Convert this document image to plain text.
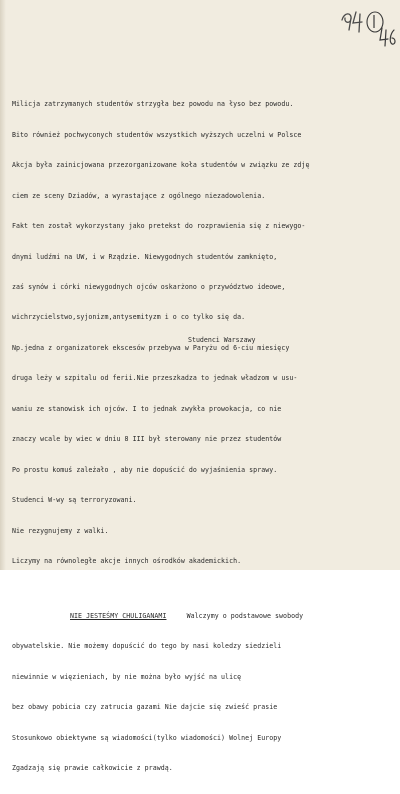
Milicja zatrzymanych studentów strzygła bez powodu na łyso bez powodu.

Bito również pochwyconych studentów wszystkich wyższych uczelni w Polsce

Akcja była zainicjowana przezorganizowane koła studentów w związku ze zdję

ciem ze sceny Dziadów, a wyrastające z ogólnego niezadowolenia.

Fakt ten został wykorzystany jako pretekst do rozprawienia się z niewygo-

dnymi ludźmi na UW, i w Rządzie. Niewygodnych studentów zamknięto,

zaś synów i córki niewygodnych ojców oskarżono o przywództwo ideowe,

wichrzycielstwo,syjonizm,antysemityzm i o co tylko się da.

Np.jedna z organizatorek ekscesów przebywa w Paryżu od 6-ciu miesięcy

druga leży w szpitalu od ferii.Nie przeszkadza to jednak władzom w usu-

waniu ze stanowisk ich ojców. I to jednak zwykła prowokacja, co nie

znaczy wcale by wiec w dniu 8 III był sterowany nie przez studentów

Po prostu komuś zależało , aby nie dopuścić do wyjaśnienia sprawy.

Studenci W-wy są terroryzowani.

Nie rezygnujemy z walki.

Liczymy na równoległe akcje innych ośrodków akademickich.

NIE JESTEŚMY CHULIGANAMI     Walczymy o podstawowe swobody

obywatelskie. Nie możemy dopuścić do tego by nasi koledzy siedzieli

niewinnie w więzieniach, by nie można było wyjść na ulicę

bez obawy pobicia czy zatrucia gazami Nie dajcie się zwieść prasie

Stosunkowo obiektywne są wiadomości(tylko wiadomości) Wolnej Europy

Zgadzają się prawie całkowicie z prawdą.

Studenci Warszawy
